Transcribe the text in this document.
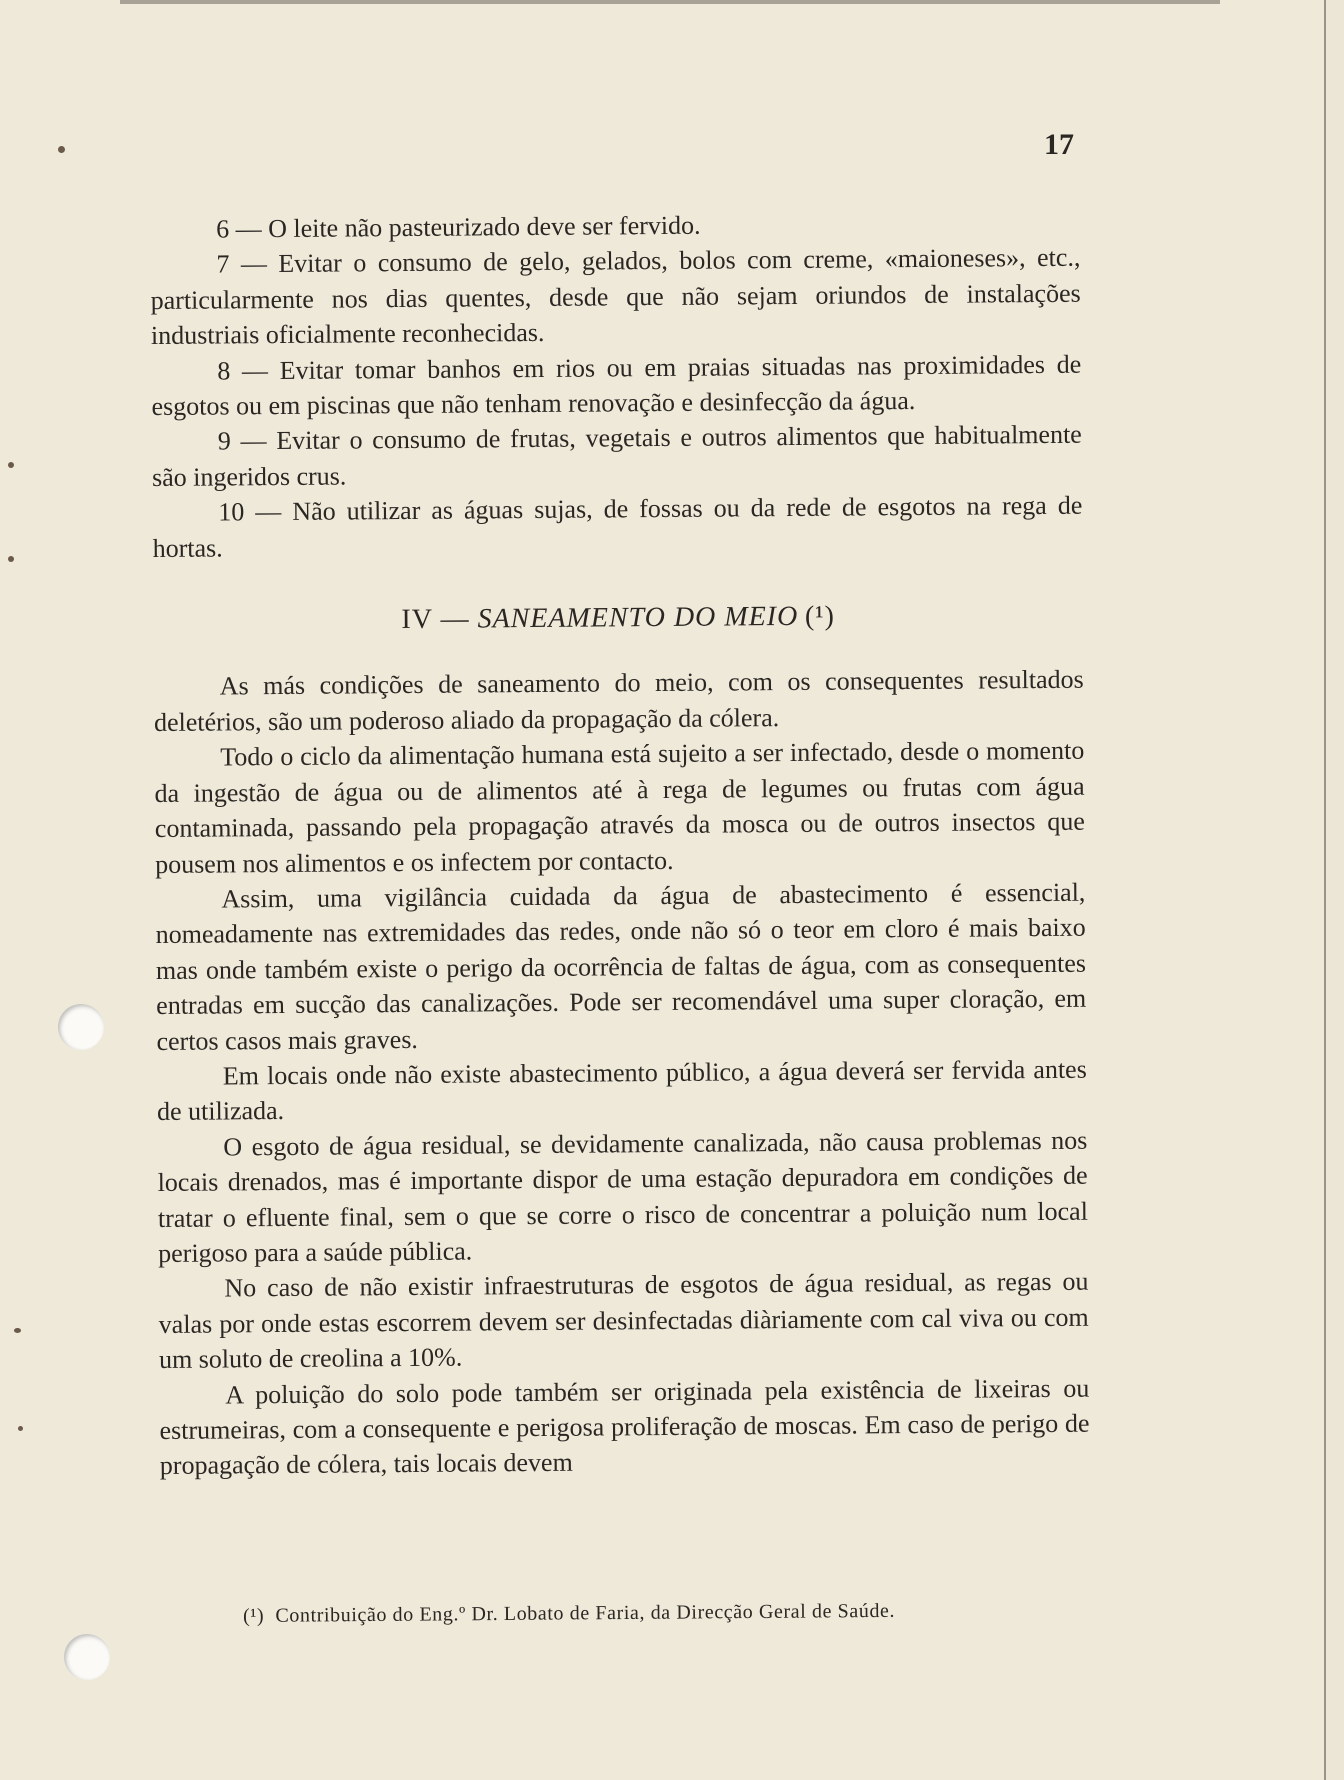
17

6 — O leite não pasteurizado deve ser fervido.

7 — Evitar o consumo de gelo, gelados, bolos com creme, «maioneses», etc., particularmente nos dias quentes, desde que não sejam oriundos de instalações industriais oficialmente reconhecidas.

8 — Evitar tomar banhos em rios ou em praias situadas nas proximidades de esgotos ou em piscinas que não tenham renovação e desinfecção da água.

9 — Evitar o consumo de frutas, vegetais e outros alimentos que habitualmente são ingeridos crus.

10 — Não utilizar as águas sujas, de fossas ou da rede de esgotos na rega de hortas.

IV — SANEAMENTO DO MEIO  (¹)

As más condições de saneamento do meio, com os consequentes resultados deletérios, são um poderoso aliado da propagação da cólera.

Todo o ciclo da alimentação humana está sujeito a ser infectado, desde o momento da ingestão de água ou de alimentos até à rega de legumes ou frutas com água contaminada, passando pela propagação através da mosca ou de outros insectos que pousem nos alimentos e os infectem por contacto.

Assim, uma vigilância cuidada da água de abastecimento é essencial, nomeadamente nas extremidades das redes, onde não só o teor em cloro é mais baixo mas onde também existe o perigo da ocorrência de faltas de água, com as consequentes entradas em sucção das canalizações. Pode ser recomendável uma super cloração, em certos casos mais graves.

Em locais onde não existe abastecimento público, a água deverá ser fervida antes de utilizada.

O esgoto de água residual, se devidamente canalizada, não causa problemas nos locais drenados, mas é importante dispor de uma estação depuradora em condições de tratar o efluente final, sem o que se corre o risco de concentrar a poluição num local perigoso para a saúde pública.

No caso de não existir infraestruturas de esgotos de água residual, as regas ou valas por onde estas escorrem devem ser desinfectadas diàriamente com cal viva ou com um soluto de creolina a 10%.

A poluição do solo pode também ser originada pela existência de lixeiras ou estrumeiras, com a consequente e perigosa proliferação de moscas. Em caso de perigo de propagação de cólera, tais locais devem

(¹) Contribuição do Eng.º Dr. Lobato de Faria, da Direcção Geral de Saúde.
